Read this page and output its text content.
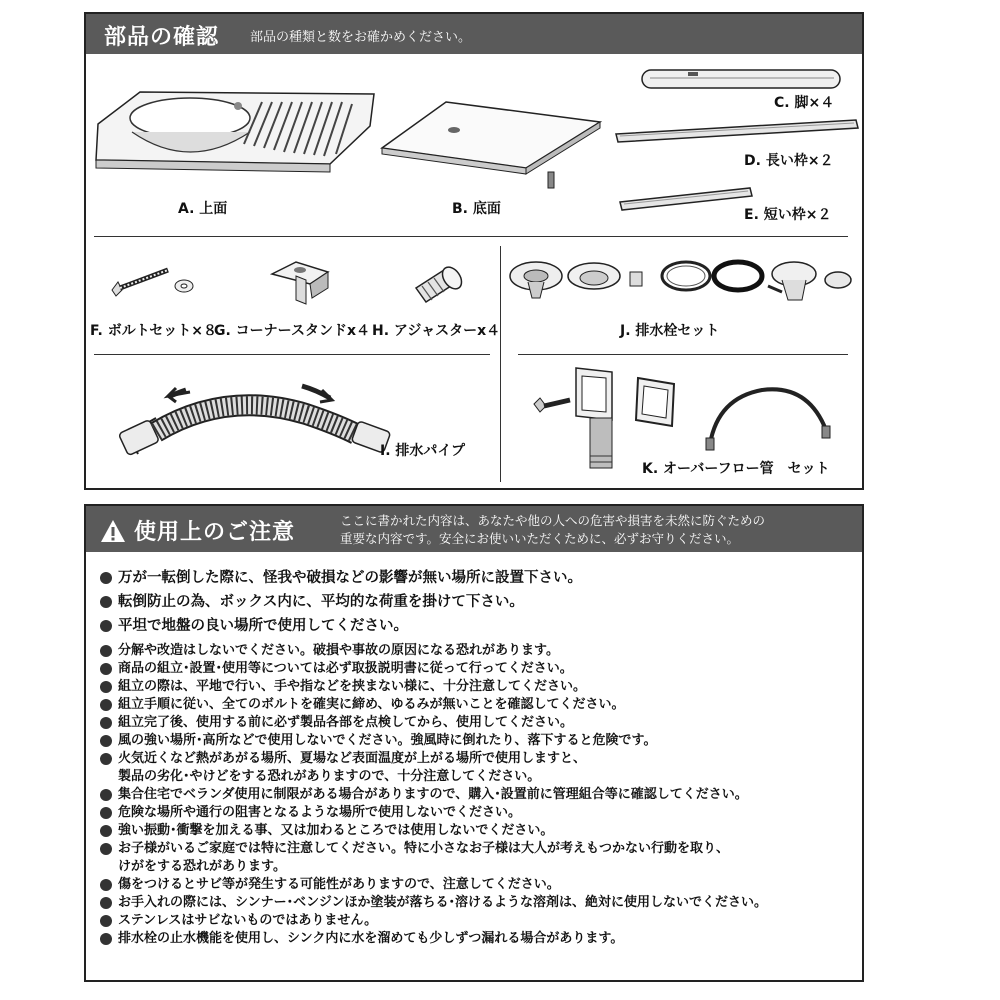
部品の確認 部品の種類と数をお確かめください。
A. 上面	B. 底面
C. 脚×４
D. 長い枠×２
E. 短い枠×２
F. ボルトセット×８
G. コーナースタンドx４ H. アジャスターx４	J. 排水栓セット
I. 排水パイプ
K. オーバーフロー管　セット
使用上のご注意	ここに書かれた内容は、あなたや他の人への危害や損害を未然に防ぐための
重要な内容です。安全にお使いいただくために、必ずお守りください。
万が一転倒した際に、怪我や破損などの影響が無い場所に設置下さい。
転倒防止の為、ボックス内に、平均的な荷重を掛けて下さい。
平坦で地盤の良い場所で使用してください。
分解や改造はしないでください。破損や事故の原因になる恐れがあります。
商品の組立･設置･使用等については必ず取扱説明書に従って行ってください。
組立の際は、平地で行い、手や指などを挟まない様に、十分注意してください。
組立手順に従い、全てのボルトを確実に締め、ゆるみが無いことを確認してください。
組立完了後、使用する前に必ず製品各部を点検してから、使用してください。
風の強い場所･高所などで使用しないでください。強風時に倒れたり、落下すると危険です。
火気近くなど熱があがる場所、夏場など表面温度が上がる場所で使用しますと、
製品の劣化･やけどをする恐れがありますので、十分注意してください。
集合住宅でベランダ使用に制限がある場合がありますので、購入･設置前に管理組合等に確認してください。
危険な場所や通行の阻害となるような場所で使用しないでください。
強い振動･衝撃を加える事、又は加わるところでは使用しないでください。
お子様がいるご家庭では特に注意してください。特に小さなお子様は大人が考えもつかない行動を取り、
けがをする恐れがあります。
傷をつけるとサビ等が発生する可能性がありますので、注意してください。
お手入れの際には、シンナー･ベンジンほか塗装が落ちる･溶けるような溶剤は、絶対に使用しないでください。
ステンレスはサビないものではありません。
排水栓の止水機能を使用し、シンク内に水を溜めても少しずつ漏れる場合があります。
